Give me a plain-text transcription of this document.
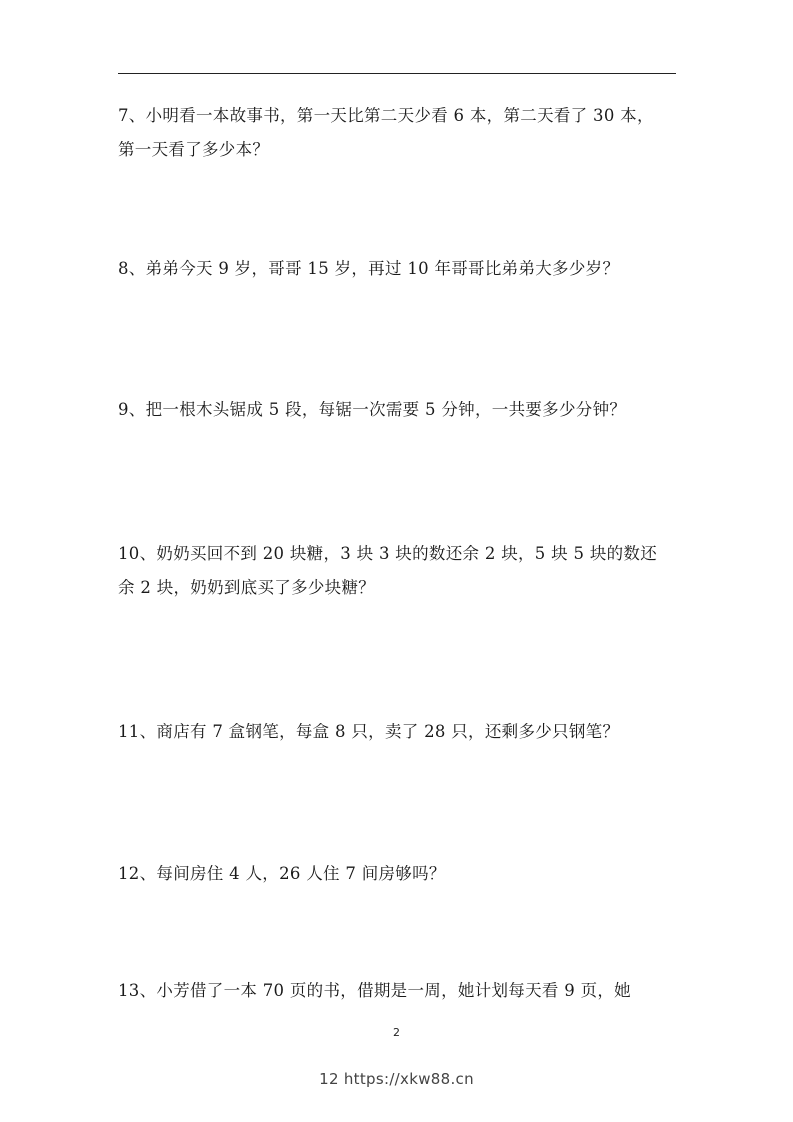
7、小明看一本故事书，第一天比第二天少看 6 本，第二天看了 30 本，
第一天看了多少本？
8、弟弟今天 9 岁，哥哥 15 岁，再过 10 年哥哥比弟弟大多少岁？
9、把一根木头锯成 5 段，每锯一次需要 5 分钟，一共要多少分钟？
10、奶奶买回不到 20 块糖，3 块 3 块的数还余 2 块，5 块 5 块的数还
余 2 块，奶奶到底买了多少块糖？
11、商店有 7 盒钢笔，每盒 8 只，卖了 28 只，还剩多少只钢笔？
12、每间房住 4 人，26 人住 7 间房够吗？
13、小芳借了一本 70 页的书，借期是一周，她计划每天看 9 页，她
2
12 https://xkw88.cn
